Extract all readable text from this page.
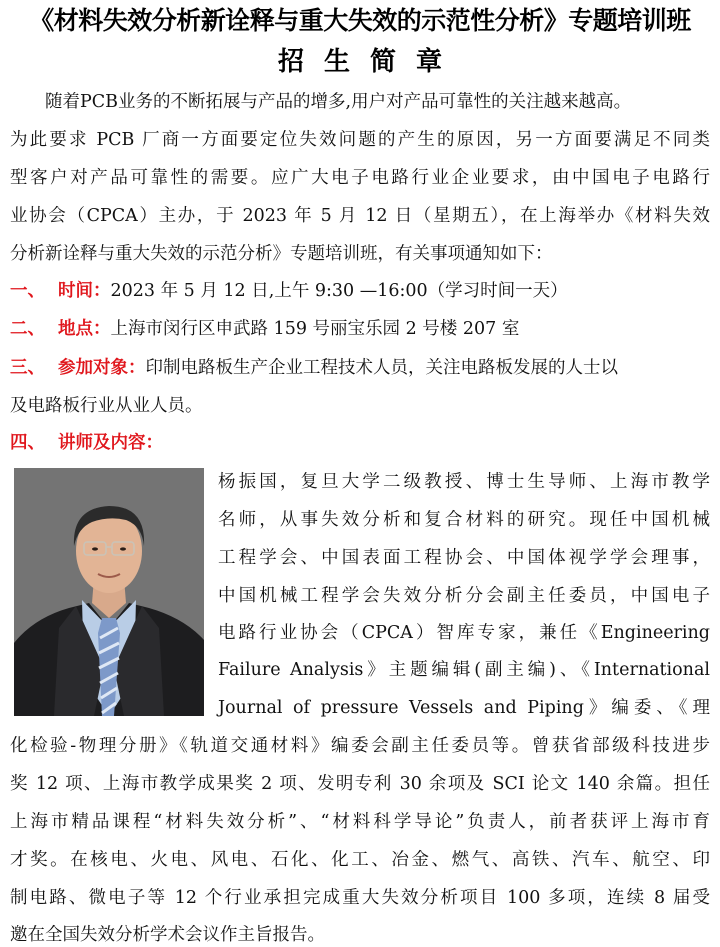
《材料失效分析新诠释与重大失效的示范性分析》专题培训班
招生简章
　　随着PCB业务的不断拓展与产品的增多,用户对产品可靠性的关注越来越高。
为此要求 PCB 厂商一方面要定位失效问题的产生的原因，另一方面要满足不同类
型客户对产品可靠性的需要。应广大电子电路行业企业要求，由中国电子电路行
业协会（CPCA）主办，于 2023 年 5 月 12 日（星期五），在上海举办《材料失效
分析新诠释与重大失效的示范分析》专题培训班，有关事项通知如下：
一、 时间：2023 年 5 月 12 日,上午 9:30 —16:00（学习时间一天）
二、 地点：上海市闵行区申武路 159 号丽宝乐园 2 号楼 207 室
三、 参加对象：印制电路板生产企业工程技术人员，关注电路板发展的人士以
及电路板行业从业人员。
四、 讲师及内容：
杨振国，复旦大学二级教授、博士生导师、上海市教学
名师，从事失效分析和复合材料的研究。现任中国机械
工程学会、中国表面工程协会、中国体视学学会理事，
中国机械工程学会失效分析分会副主任委员，中国电子
电路行业协会（CPCA）智库专家，兼任《Engineering
Failure Analysis》主题编辑(副主编)、《International
Journal of pressure Vessels and Piping》编委、《理
化检验-物理分册》《轨道交通材料》编委会副主任委员等。曾获省部级科技进步
奖 12 项、上海市教学成果奖 2 项、发明专利 30 余项及 SCI 论文 140 余篇。担任
上海市精品课程“材料失效分析”、“材料科学导论”负责人，前者获评上海市育
才奖。在核电、火电、风电、石化、化工、冶金、燃气、高铁、汽车、航空、印
制电路、微电子等 12 个行业承担完成重大失效分析项目 100 多项，连续 8 届受
邀在全国失效分析学术会议作主旨报告。
